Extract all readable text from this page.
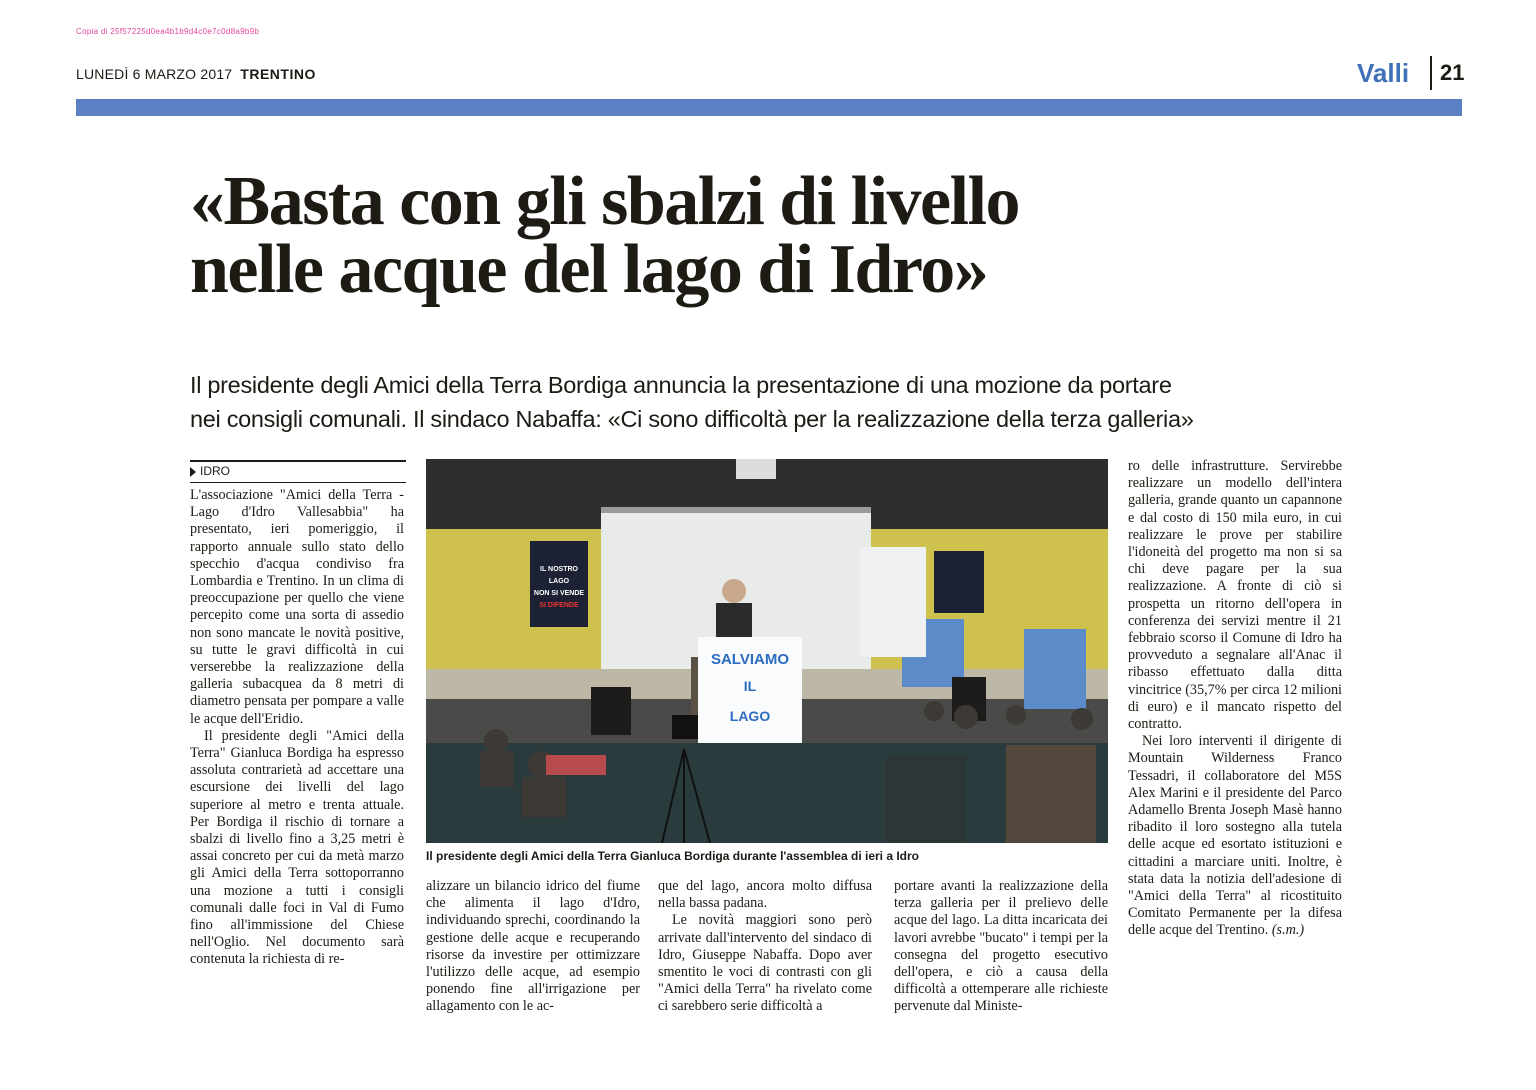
Copia di 25f57225d0ea4b1b9d4c0e7c0d8a9b9b
LUNEDÌ 6 MARZO 2017 TRENTINO	Valli 21
«Basta con gli sbalzi di livello
nelle acque del lago di Idro»
Il presidente degli Amici della Terra Bordiga annuncia la presentazione di una mozione da portare
nei consigli comunali. Il sindaco Nabaffa: «Ci sono difficoltà per la realizzazione della terza galleria»
IDRO

L'associazione "Amici della Terra - Lago d'Idro Vallesabbia" ha presentato, ieri pomeriggio, il rapporto annuale sullo stato dello specchio d'acqua condiviso fra Lombardia e Trentino. In un clima di preoccupazione per quello che viene percepito come una sorta di assedio non sono mancate le novità positive, su tutte le gravi difficoltà in cui verserebbe la realizzazione della galleria subacquea da 8 metri di diametro pensata per pompare a valle le acque dell'Eridio.

Il presidente degli "Amici della Terra" Gianluca Bordiga ha espresso assoluta contrarietà ad accettare una escursione dei livelli del lago superiore al metro e trenta attuale. Per Bordiga il rischio di tornare a sbalzi di livello fino a 3,25 metri è assai concreto per cui da metà marzo gli Amici della Terra sottoporranno una mozione a tutti i consigli comunali dalle foci in Val di Fumo fino all'immissione del Chiese nell'Oglio. Nel documento sarà contenuta la richiesta di re-

IL NOSTRO
LAGO
NON SI VENDE
SI DIFENDE
SALVIAMO
IL
LAGO
Il presidente degli Amici della Terra Gianluca Bordiga durante l'assemblea di ieri a Idro

alizzare un bilancio idrico del fiume che alimenta il lago d'Idro, individuando sprechi, coordinando la gestione delle acque e recuperando risorse da investire per ottimizzare l'utilizzo delle acque, ad esempio ponendo fine all'irrigazione per allagamento con le ac-

que del lago, ancora molto diffusa nella bassa padana.

Le novità maggiori sono però arrivate dall'intervento del sindaco di Idro, Giuseppe Nabaffa. Dopo aver smentito le voci di contrasti con gli "Amici della Terra" ha rivelato come ci sarebbero serie difficoltà a

portare avanti la realizzazione della terza galleria per il prelievo delle acque del lago. La ditta incaricata dei lavori avrebbe "bucato" i tempi per la consegna del progetto esecutivo dell'opera, e ciò a causa della difficoltà a ottemperare alle richieste pervenute dal Ministe-

ro delle infrastrutture. Servirebbe realizzare un modello dell'intera galleria, grande quanto un capannone e dal costo di 150 mila euro, in cui realizzare le prove per stabilire l'idoneità del progetto ma non si sa chi deve pagare per la sua realizzazione. A fronte di ciò si prospetta un ritorno dell'opera in conferenza dei servizi mentre il 21 febbraio scorso il Comune di Idro ha provveduto a segnalare all'Anac il ribasso effettuato dalla ditta vincitrice (35,7% per circa 12 milioni di euro) e il mancato rispetto del contratto.

Nei loro interventi il dirigente di Mountain Wilderness Franco Tessadri, il collaboratore del M5S Alex Marini e il presidente del Parco Adamello Brenta Joseph Masè hanno ribadito il loro sostegno alla tutela delle acque ed esortato istituzioni e cittadini a marciare uniti. Inoltre, è stata data la notizia dell'adesione di "Amici della Terra" al ricostituito Comitato Permanente per la difesa delle acque del Trentino. (s.m.)
